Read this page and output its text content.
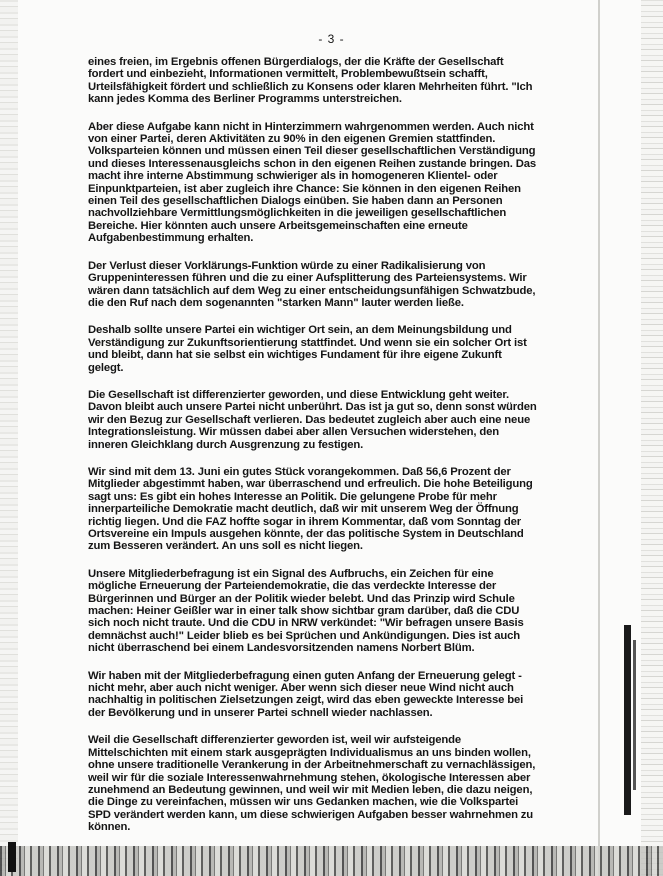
- 3 -

eines freien, im Ergebnis offenen Bürgerdialogs, der die Kräfte der Gesellschaft fordert und einbezieht, Informationen vermittelt, Problembewußtsein schafft, Urteilsfähigkeit fördert und schließlich zu Konsens oder klaren Mehrheiten führt. "Ich kann jedes Komma des Berliner Programms unterstreichen.

Aber diese Aufgabe kann nicht in Hinterzimmern wahrgenommen werden. Auch nicht von einer Partei, deren Aktivitäten zu 90% in den eigenen Gremien stattfinden. Volksparteien können und müssen einen Teil dieser gesellschaftlichen Verständigung und dieses Interessenausgleichs schon in den eigenen Reihen zustande bringen. Das macht ihre interne Abstimmung schwieriger als in homogeneren Klientel- oder Einpunktparteien, ist aber zugleich ihre Chance: Sie können in den eigenen Reihen einen Teil des gesellschaftlichen Dialogs einüben. Sie haben dann an Personen nachvollziehbare Vermittlungsmöglichkeiten in die jeweiligen gesellschaftlichen Bereiche. Hier könnten auch unsere Arbeitsgemeinschaften eine erneute Aufgabenbestimmung erhalten.

Der Verlust dieser Vorklärungs-Funktion würde zu einer Radikalisierung von Gruppeninteressen führen und die zu einer Aufsplitterung des Parteiensystems. Wir wären dann tatsächlich auf dem Weg zu einer entscheidungsunfähigen Schwatzbude, die den Ruf nach dem sogenannten "starken Mann" lauter werden ließe.

Deshalb sollte unsere Partei ein wichtiger Ort sein, an dem Meinungsbildung und Verständigung zur Zukunftsorientierung stattfindet. Und wenn sie ein solcher Ort ist und bleibt, dann hat sie selbst ein wichtiges Fundament für ihre eigene Zukunft gelegt.

Die Gesellschaft ist differenzierter geworden, und diese Entwicklung geht weiter. Davon bleibt auch unsere Partei nicht unberührt. Das ist ja gut so, denn sonst würden wir den Bezug zur Gesellschaft verlieren. Das bedeutet zugleich aber auch eine neue Integrationsleistung. Wir müssen dabei aber allen Versuchen widerstehen, den inneren Gleichklang durch Ausgrenzung zu festigen.

Wir sind mit dem 13. Juni ein gutes Stück vorangekommen. Daß 56,6 Prozent der Mitglieder abgestimmt haben, war überraschend und erfreulich. Die hohe Beteiligung sagt uns: Es gibt ein hohes Interesse an Politik. Die gelungene Probe für mehr innerparteiliche Demokratie macht deutlich, daß wir mit unserem Weg der Öffnung richtig liegen. Und die FAZ hoffte sogar in ihrem Kommentar, daß vom Sonntag der Ortsvereine ein Impuls ausgehen könnte, der das politische System in Deutschland zum Besseren verändert. An uns soll es nicht liegen.

Unsere Mitgliederbefragung ist ein Signal des Aufbruchs, ein Zeichen für eine mögliche Erneuerung der Parteiendemokratie, die das verdeckte Interesse der Bürgerinnen und Bürger an der Politik wieder belebt. Und das Prinzip wird Schule machen: Heiner Geißler war in einer talk show sichtbar gram darüber, daß die CDU sich noch nicht traute. Und die CDU in NRW verkündet: "Wir befragen unsere Basis demnächst auch!" Leider blieb es bei Sprüchen und Ankündigungen. Dies ist auch nicht überraschend bei einem Landesvorsitzenden namens Norbert Blüm.

Wir haben mit der Mitgliederbefragung einen guten Anfang der Erneuerung gelegt - nicht mehr, aber auch nicht weniger. Aber wenn sich dieser neue Wind nicht auch nachhaltig in politischen Zielsetzungen zeigt, wird das eben geweckte Interesse bei der Bevölkerung und in unserer Partei schnell wieder nachlassen.

Weil die Gesellschaft differenzierter geworden ist, weil wir aufsteigende Mittelschichten mit einem stark ausgeprägten Individualismus an uns binden wollen, ohne unsere traditionelle Verankerung in der Arbeitnehmerschaft zu vernachlässigen, weil wir für die soziale Interessenwahrnehmung stehen, ökologische Interessen aber zunehmend an Bedeutung gewinnen, und weil wir mit Medien leben, die dazu neigen, die Dinge zu vereinfachen, müssen wir uns Gedanken machen, wie die Volkspartei SPD verändert werden kann, um diese schwierigen Aufgaben besser wahrnehmen zu können.
